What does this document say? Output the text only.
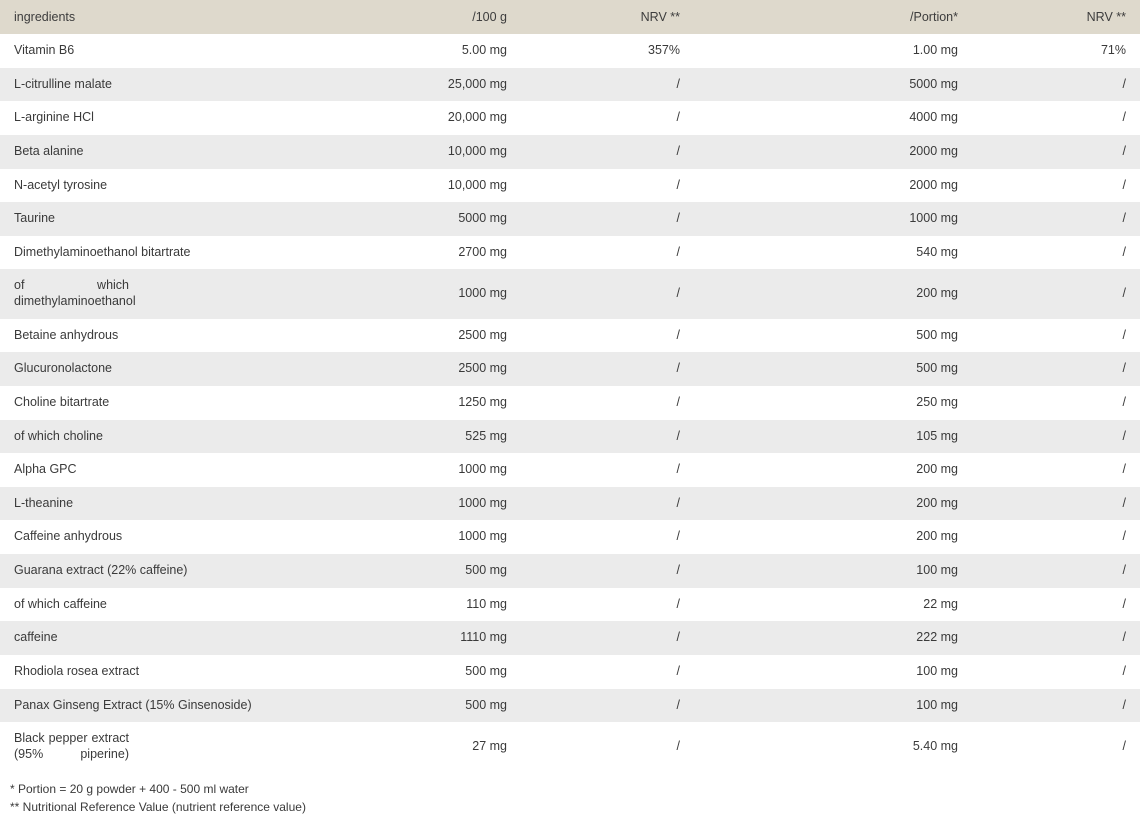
ingredients	/100 g	NRV **	/Portion*	NRV **
Vitamin B6	5.00 mg	357%	1.00 mg	71%
L-citrulline malate	25,000 mg	/	5000 mg	/
L-arginine HCl	20,000 mg	/	4000 mg	/
Beta alanine	10,000 mg	/	2000 mg	/
N-acetyl tyrosine	10,000 mg	/	2000 mg	/
Taurine	5000 mg	/	1000 mg	/
Dimethylaminoethanol bitartrate	2700 mg	/	540 mg	/

of which dimethylaminoethanol	1000 mg	/	200 mg	/
Betaine anhydrous	2500 mg	/	500 mg	/
Glucuronolactone	2500 mg	/	500 mg	/
Choline bitartrate	1250 mg	/	250 mg	/
of which choline	525 mg	/	105 mg	/
Alpha GPC	1000 mg	/	200 mg	/
L-theanine	1000 mg	/	200 mg	/
Caffeine anhydrous	1000 mg	/	200 mg	/
Guarana extract (22% caffeine)	500 mg	/	100 mg	/
of which caffeine	110 mg	/	22 mg	/
caffeine	1110 mg	/	222 mg	/
Rhodiola rosea extract	500 mg	/	100 mg	/
Panax Ginseng Extract (15% Ginsenoside)	500 mg	/	100 mg	/

Black pepper extract (95% piperine)	27 mg	/	5.40 mg	/
* Portion = 20 g powder + 400 - 500 ml water
** Nutritional Reference Value (nutrient reference value)
